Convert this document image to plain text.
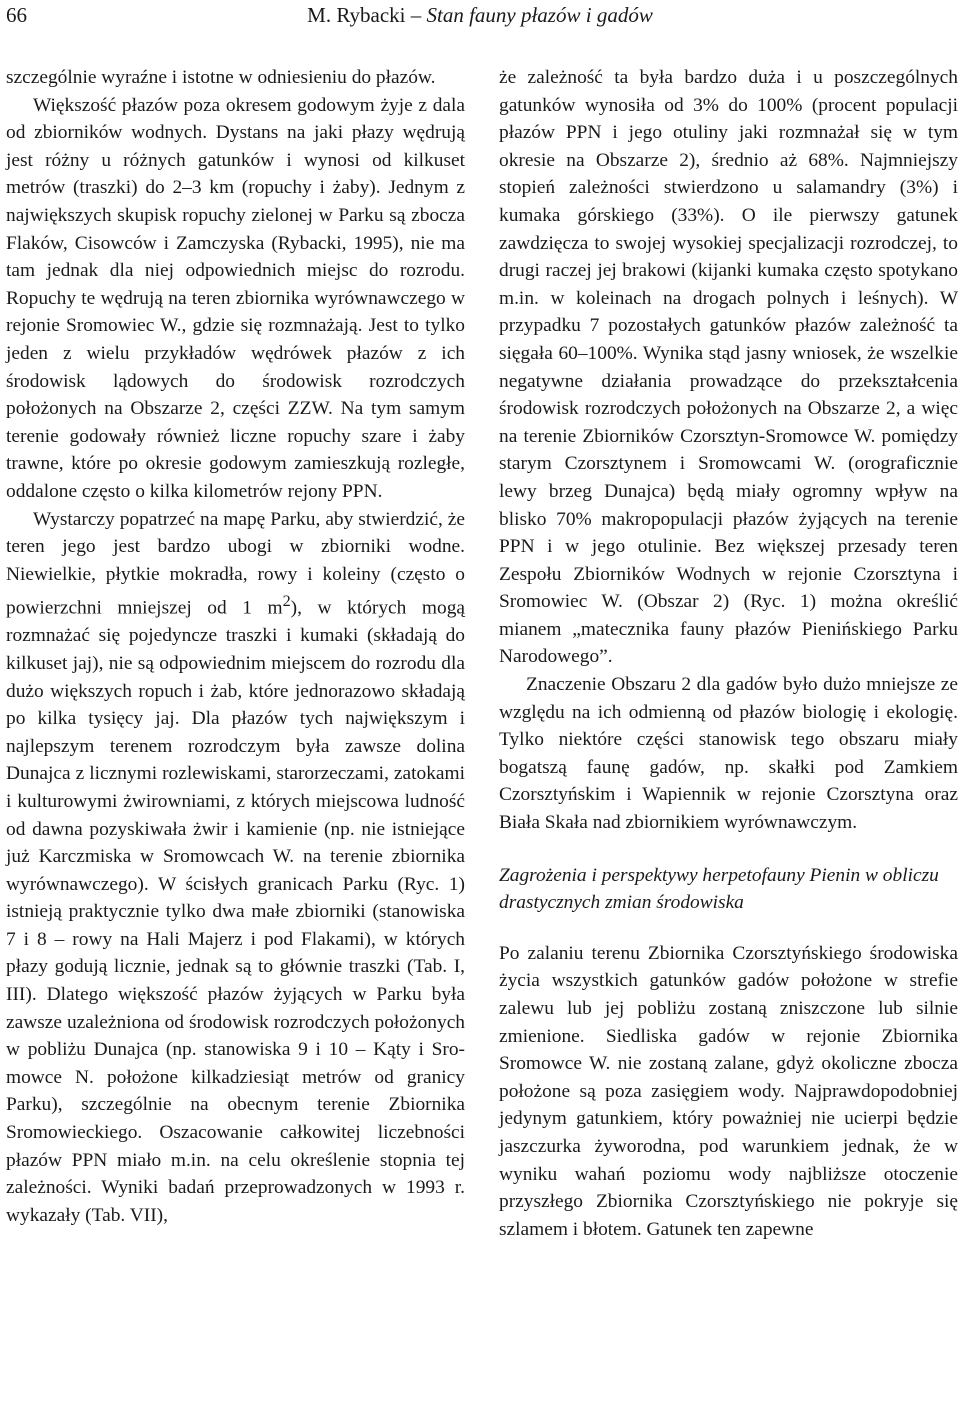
66	M. Rybacki – Stan fauny płazów i gadów

szczególnie wyraźne i istotne w odniesieniu do płazów.

Większość płazów poza okresem godowym żyje z dala od zbiorników wodnych. Dystans na jaki płazy wędrują jest różny u różnych gatunków i wynosi od kilkuset metrów (traszki) do 2–3 km (ropuchy i żaby). Jednym z największych skupisk ropuchy zielonej w Parku są zbocza Flaków, Cisowców i Zamczyska (Rybacki, 1995), nie ma tam jednak dla niej odpowiednich miejsc do rozrodu. Ropuchy te wędrują na teren zbiornika wyrównawczego w rejonie Sromowiec W., gdzie się rozmnażają. Jest to tylko jeden z wielu przykładów wędrówek płazów z ich środowisk lądowych do środowisk rozrodczych położonych na Obszarze 2, części ZZW. Na tym samym terenie godowały również liczne ropuchy szare i żaby trawne, które po okresie godowym zamieszkują rozległe, oddalone często o kilka kilometrów rejony PPN.

Wystarczy popatrzeć na mapę Parku, aby stwierdzić, że teren jego jest bardzo ubogi w zbiorniki wodne. Niewielkie, płytkie mokradła, rowy i koleiny (często o powierzchni mniejszej od 1 $m^2$), w których mogą rozmnażać się pojedyncze traszki i kumaki (składają do kilkuset jaj), nie są odpowiednim miejscem do rozrodu dla dużo większych ropuch i żab, które jednorazowo składają po kilka tysięcy jaj. Dla płazów tych największym i najlepszym terenem rozrodczym była zawsze dolina Dunajca z licznymi rozlewiskami, starorzeczami, zatokami i kulturowymi żwirowniami, z których miejscowa ludność od dawna pozyskiwała żwir i kamienie (np. nie istniejące już Karczmiska w Sromowcach W. na terenie zbiornika wyrównawczego). W ścisłych granicach Parku (Ryc. 1) istnieją praktycznie tylko dwa małe zbiorniki (stanowiska 7 i 8 – rowy na Hali Majerz i pod Flakami), w których płazy godują licznie, jednak są to głównie traszki (Tab. I, III). Dlatego większość płazów żyjących w Parku była zawsze uzależniona od środowisk rozrodczych położonych w pobliżu Dunajca (np. stanowiska 9 i 10 – Kąty i Sromowce N. położone kilkadziesiąt metrów od granicy Parku), szczególnie na obecnym terenie Zbiornika Sromowieckiego. Oszacowanie całkowitej liczebności płazów PPN miało m.in. na celu określenie stopnia tej zależności. Wyniki badań przeprowadzonych w 1993 r. wykazały (Tab. VII),

że zależność ta była bardzo duża i u poszczególnych gatunków wynosiła od 3% do 100% (procent populacji płazów PPN i jego otuliny jaki rozmnażał się w tym okresie na Obszarze 2), średnio aż 68%. Najmniejszy stopień zależności stwierdzono u salamandry (3%) i kumaka górskiego (33%). O ile pierwszy gatunek zawdzięcza to swojej wysokiej specjalizacji rozrodczej, to drugi raczej jej brakowi (kijanki kumaka często spotykano m.in. w koleinach na drogach polnych i leśnych). W przypadku 7 pozostałych gatunków płazów zależność ta sięgała 60–100%. Wynika stąd jasny wniosek, że wszelkie negatywne działania prowadzące do przekształcenia środowisk rozrodczych położonych na Obszarze 2, a więc na terenie Zbiorników Czorsztyn-Sromowce W. pomiędzy starym Czorsztynem i Sromowcami W. (orograficznie lewy brzeg Dunajca) będą miały ogromny wpływ na blisko 70% makropopulacji płazów żyjących na terenie PPN i w jego otulinie. Bez większej przesady teren Zespołu Zbiorników Wodnych w rejonie Czorsztyna i Sromowiec W. (Obszar 2) (Ryc. 1) można określić mianem „matecznika fauny płazów Pienińskiego Parku Narodowego”.

Znaczenie Obszaru 2 dla gadów było dużo mniejsze ze względu na ich odmienną od płazów biologię i ekologię. Tylko niektóre części stanowisk tego obszaru miały bogatszą faunę gadów, np. skałki pod Zamkiem Czorsztyńskim i Wapiennik w rejonie Czorsztyna oraz Biała Skała nad zbiornikiem wyrównawczym.

Zagrożenia i perspektywy herpetofauny Pienin w obliczu drastycznych zmian środowiska

Po zalaniu terenu Zbiornika Czorsztyńskiego środowiska życia wszystkich gatunków gadów położone w strefie zalewu lub jej pobliżu zostaną zniszczone lub silnie zmienione. Siedliska gadów w rejonie Zbiornika Sromowce W. nie zostaną zalane, gdyż okoliczne zbocza położone są poza zasięgiem wody. Najprawdopodobniej jedynym gatunkiem, który poważniej nie ucierpi będzie jaszczurka żyworodna, pod warunkiem jednak, że w wyniku wahań poziomu wody najbliższe otoczenie przyszłego Zbiornika Czorsztyńskiego nie pokryje się szlamem i błotem. Gatunek ten zapewne
